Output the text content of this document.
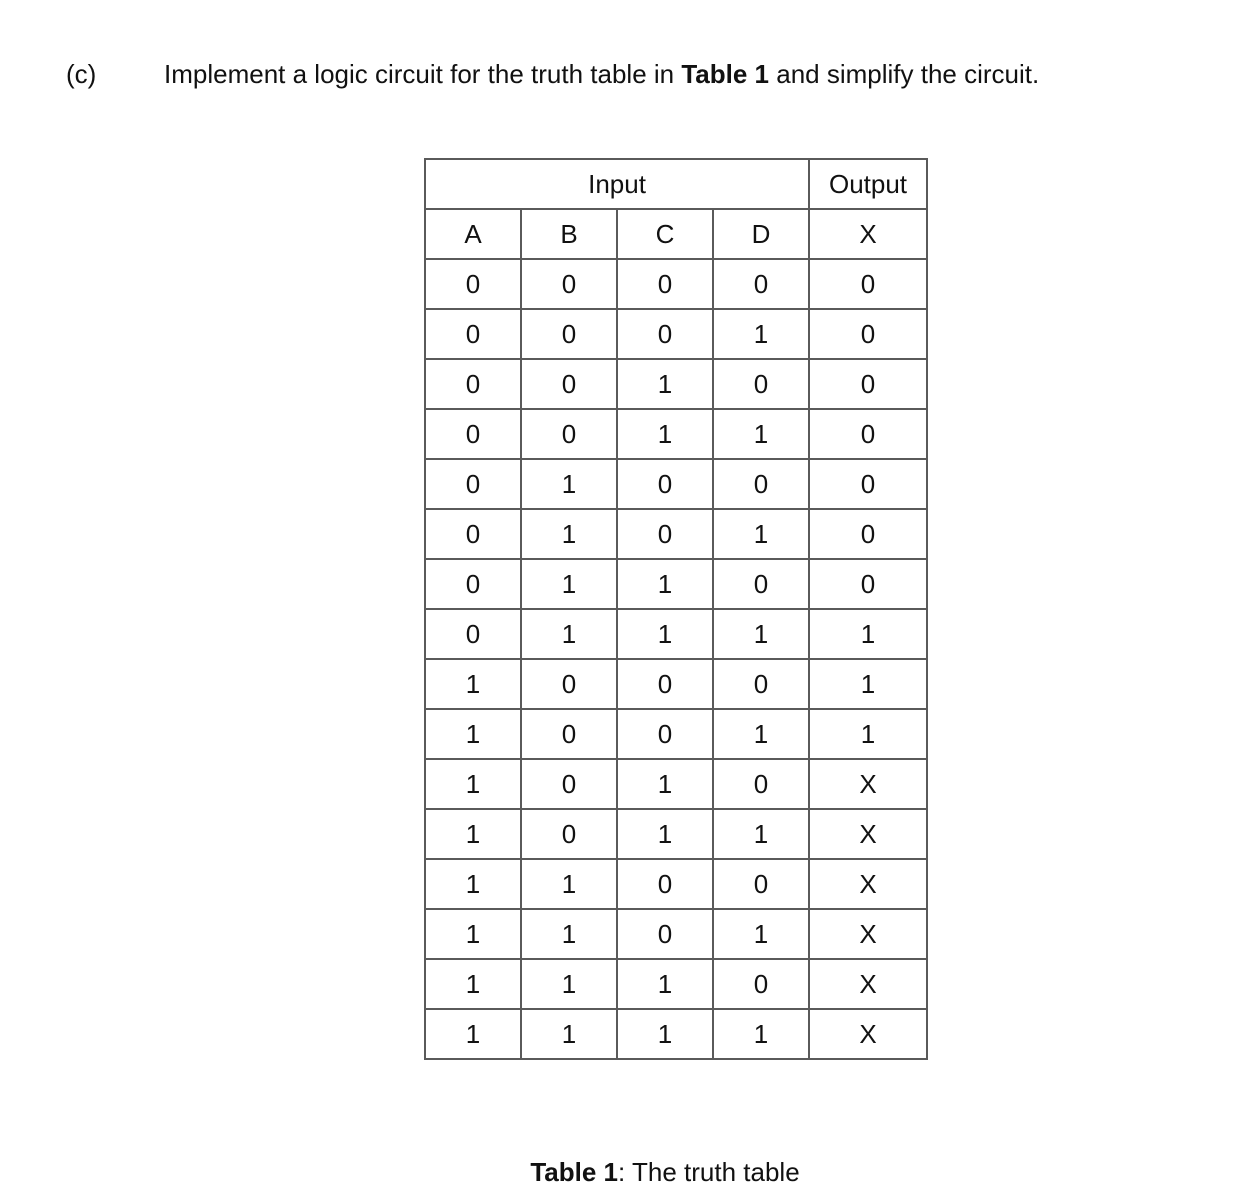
(c)	Implement a logic circuit for the truth table in Table 1 and simplify the circuit.
Input				Output
A	B	C	D	X
0	0	0	0	0
0	0	0	1	0
0	0	1	0	0
0	0	1	1	0
0	1	0	0	0
0	1	0	1	0
0	1	1	0	0
0	1	1	1	1
1	0	0	0	1
1	0	0	1	1
1	0	1	0	X
1	0	1	1	X
1	1	0	0	X
1	1	0	1	X
1	1	1	0	X
1	1	1	1	X
Table 1: The truth table
